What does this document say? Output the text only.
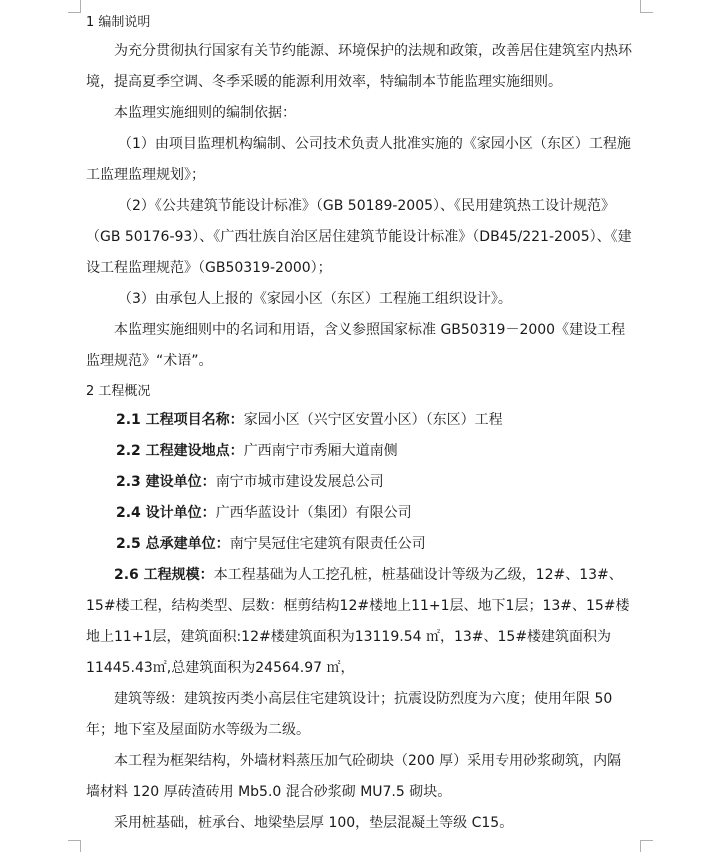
1 编制说明

为充分贯彻执行国家有关节约能源、环境保护的法规和政策，改善居住建筑室内热环境，提高夏季空调、冬季采暖的能源利用效率，特编制本节能监理实施细则。

本监理实施细则的编制依据：

（1）由项目监理机构编制、公司技术负责人批准实施的《家园小区（东区）工程施工监理监理规划》；

（2）《公共建筑节能设计标准》（GB 50189-2005）、《民用建筑热工设计规范》（GB 50176-93）、《广西壮族自治区居住建筑节能设计标准》（DB45/221-2005）、《建设工程监理规范》（GB50319-2000）；

（3）由承包人上报的《家园小区（东区）工程施工组织设计》。

本监理实施细则中的名词和用语，含义参照国家标准 GB50319－2000《建设工程监理规范》“术语”。

2 工程概况

2.1 工程项目名称：家园小区（兴宁区安置小区）（东区）工程

2.2 工程建设地点：广西南宁市秀厢大道南侧

2.3 建设单位：南宁市城市建设发展总公司

2.4 设计单位：广西华蓝设计（集团）有限公司

2.5 总承建单位：南宁昊冠住宅建筑有限责任公司

2.6 工程规模：本工程基础为人工挖孔桩，桩基础设计等级为乙级，12#、13#、15#楼工程，结构类型、层数：框剪结构12#楼地上11+1层、地下1层；13#、15#楼地上11+1层，建筑面积:12#楼建筑面积为13119.54 ㎡，13#、15#楼建筑面积为11445.43㎡,总建筑面积为24564.97 ㎡，

建筑等级：建筑按丙类小高层住宅建筑设计；抗震设防烈度为六度；使用年限 50 年；地下室及屋面防水等级为二级。

本工程为框架结构，外墙材料蒸压加气砼砌块（200 厚）采用专用砂浆砌筑，内隔墙材料 120 厚砖渣砖用 Mb5.0 混合砂浆砌 MU7.5 砌块。

采用桩基础，桩承台、地梁垫层厚 100，垫层混凝土等级 C15。
